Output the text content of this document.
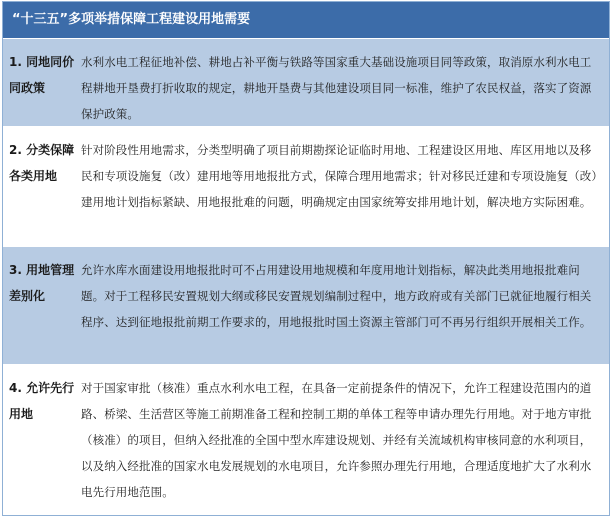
“十三五”多项举措保障工程建设用地需要
1. 同地同价
同政策
水利水电工程征地补偿、耕地占补平衡与铁路等国家重大基础设施项目同等政策，取消原水利水电工程耕地开垦费打折收取的规定，耕地开垦费与其他建设项目同一标准，维护了农民权益，落实了资源保护政策。
2. 分类保障
各类用地
针对阶段性用地需求，分类型明确了项目前期勘探论证临时用地、工程建设区用地、库区用地以及移民和专项设施复（改）建用地等用地报批方式，保障合理用地需求；针对移民迁建和专项设施复（改）建用地计划指标紧缺、用地报批难的问题，明确规定由国家统筹安排用地计划，解决地方实际困难。
3. 用地管理
差别化
允许水库水面建设用地报批时可不占用建设用地规模和年度用地计划指标，解决此类用地报批难问题。对于工程移民安置规划大纲或移民安置规划编制过程中，地方政府或有关部门已就征地履行相关程序、达到征地报批前期工作要求的，用地报批时国土资源主管部门可不再另行组织开展相关工作。
4. 允许先行
用地
对于国家审批（核准）重点水利水电工程，在具备一定前提条件的情况下，允许工程建设范围内的道路、桥梁、生活营区等施工前期准备工程和控制工期的单体工程等申请办理先行用地。对于地方审批（核准）的项目，但纳入经批准的全国中型水库建设规划、并经有关流域机构审核同意的水利项目，以及纳入经批准的国家水电发展规划的水电项目，允许参照办理先行用地，合理适度地扩大了水利水电先行用地范围。
